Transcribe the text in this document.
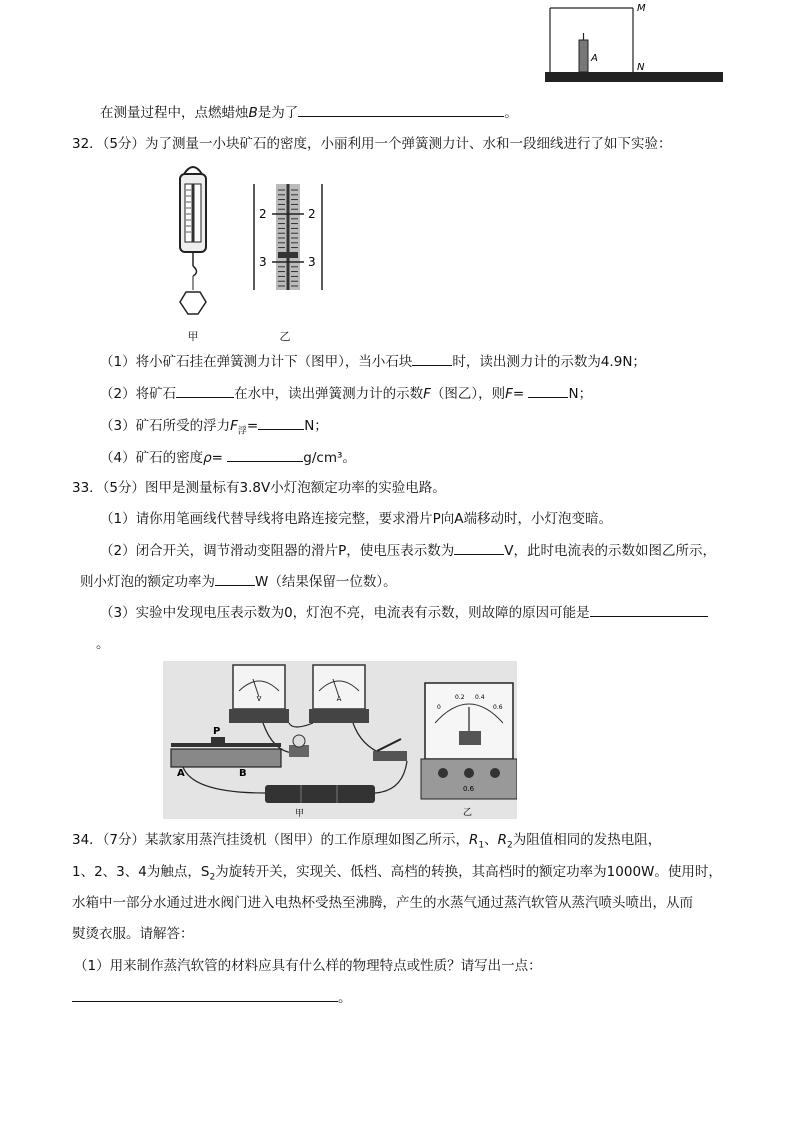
M
N
A
在测量过程中，点燃蜡烛B是为了	。
32．（5分）为了测量一小块矿石的密度，小丽利用一个弹簧测力计、水和一段细线进行了如下实验：
甲
2	2
3	3
乙
（1）将小矿石挂在弹簧测力计下（图甲），当小石块	时，读出测力计的示数为4.9N；
（2）将矿石	在水中，读出弹簧测力计的示数F（图乙），则F=	N；
（3）矿石所受的浮力$F_浮=$	N；
（4）矿石的密度ρ=	g/cm³。
33．（5分）图甲是测量标有3.8V小灯泡额定功率的实验电路。
（1）请你用笔画线代替导线将电路连接完整，要求滑片P向A端移动时，小灯泡变暗。
（2）闭合开关，调节滑动变阻器的滑片P，使电压表示数为	V，此时电流表的示数如图乙所示，
则小灯泡的额定功率为	W（结果保留一位数）。
（3）实验中发现电压表示数为0，灯泡不亮，电流表有示数，则故障的原因可能是
。
V	A
P
A	B
甲
0
0.2 0.4
0.6
0.6
乙
34．（7分）某款家用蒸汽挂烫机（图甲）的工作原理如图乙所示，$R_1$、$R_2$为阻值相同的发热电阻，
1、2、3、4为触点，$S_2$为旋转开关，实现关、低档、高档的转换，其高档时的额定功率为1000W。使用时，
水箱中一部分水通过进水阀门进入电热杯受热至沸腾，产生的水蒸气通过蒸汽软管从蒸汽喷头喷出，从而
熨烫衣服。请解答：
（1）用来制作蒸汽软管的材料应具有什么样的物理特点或性质？请写出一点：
。
